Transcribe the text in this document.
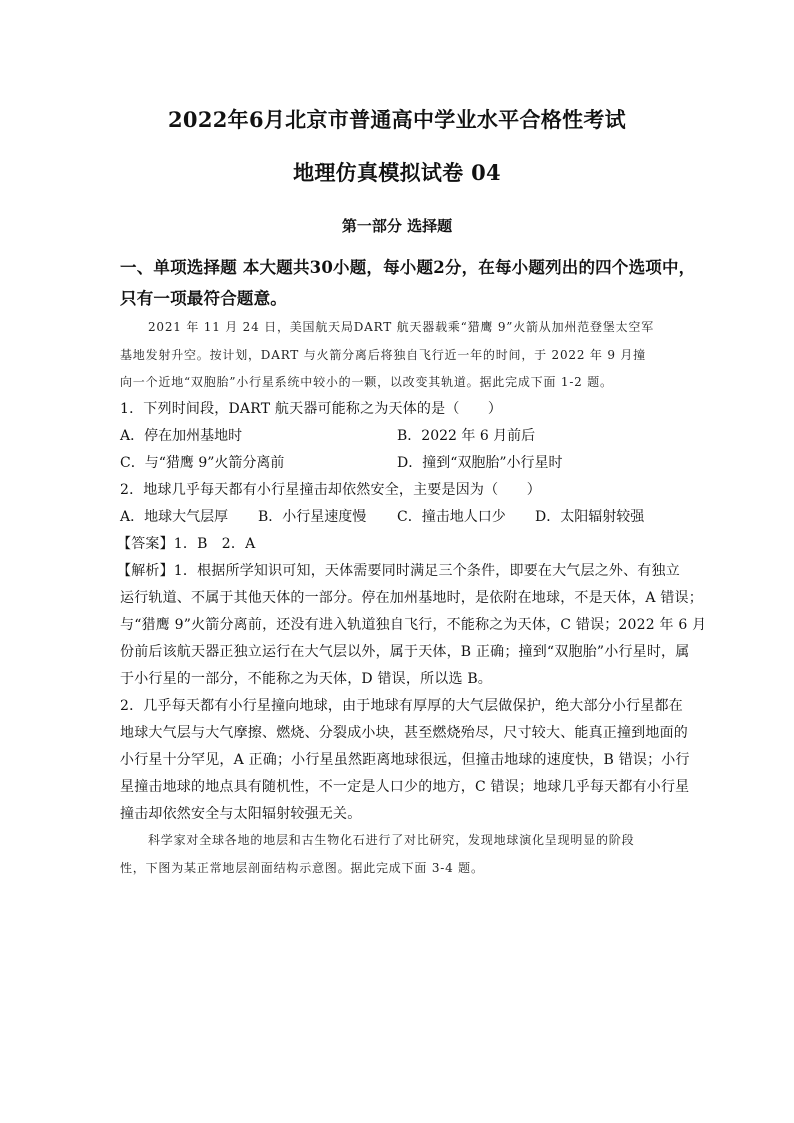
2022年6月北京市普通高中学业水平合格性考试
地理仿真模拟试卷 04
第一部分 选择题
一、单项选择题 本大题共30小题，每小题2分，在每小题列出的四个选项中，
只有一项最符合题意。
2021 年 11 月 24 日，美国航天局DART 航天器载乘“猎鹰 9”火箭从加州范登堡太空军
基地发射升空。按计划，DART 与火箭分离后将独自飞行近一年的时间，于 2022 年 9 月撞
向一个近地“双胞胎”小行星系统中较小的一颗，以改变其轨道。据此完成下面 1-2 题。
1．下列时间段，DART 航天器可能称之为天体的是（　　）
A．停在加州基地时	B．2022 年 6 月前后
C．与“猎鹰 9”火箭分离前	D．撞到“双胞胎”小行星时
2．地球几乎每天都有小行星撞击却依然安全，主要是因为（　　）
A．地球大气层厚 B．小行星速度慢 C．撞击地人口少 D．太阳辐射较强
【答案】1．B　2．A
【解析】1．根据所学知识可知，天体需要同时满足三个条件，即要在大气层之外、有独立
运行轨道、不属于其他天体的一部分。停在加州基地时，是依附在地球，不是天体，A 错误；
与“猎鹰 9”火箭分离前，还没有进入轨道独自飞行，不能称之为天体，C 错误；2022 年 6 月
份前后该航天器正独立运行在大气层以外，属于天体，B 正确；撞到“双胞胎”小行星时，属
于小行星的一部分，不能称之为天体，D 错误，所以选 B。
2．几乎每天都有小行星撞向地球，由于地球有厚厚的大气层做保护，绝大部分小行星都在
地球大气层与大气摩擦、燃烧、分裂成小块，甚至燃烧殆尽，尺寸较大、能真正撞到地面的
小行星十分罕见，A 正确；小行星虽然距离地球很远，但撞击地球的速度快，B 错误；小行
星撞击地球的地点具有随机性，不一定是人口少的地方，C 错误；地球几乎每天都有小行星
撞击却依然安全与太阳辐射较强无关。
科学家对全球各地的地层和古生物化石进行了对比研究，发现地球演化呈现明显的阶段
性，下图为某正常地层剖面结构示意图。据此完成下面 3-4 题。
